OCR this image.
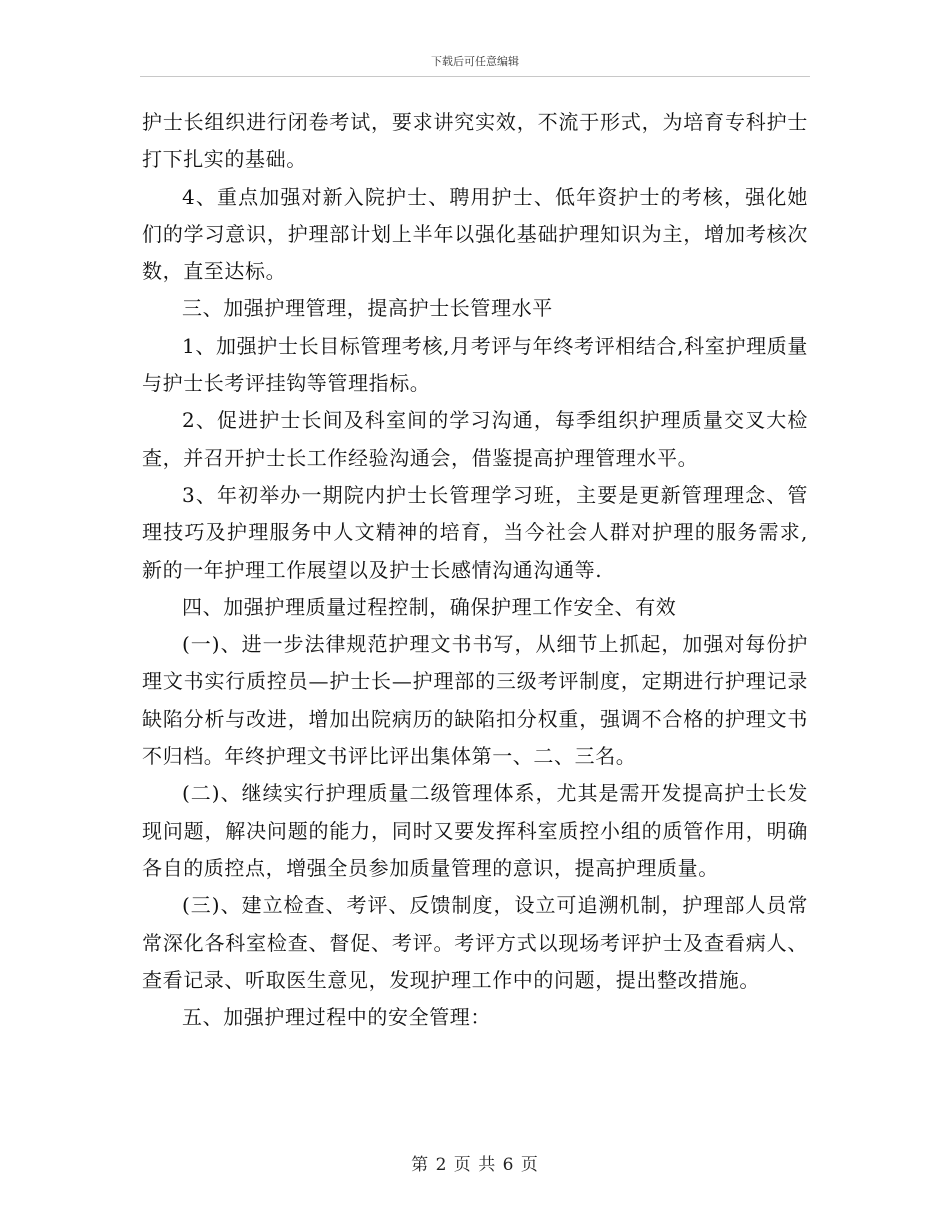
下载后可任意编辑

护士长组织进行闭卷考试，要求讲究实效，不流于形式，为培育专科护士打下扎实的基础。

4、重点加强对新入院护士、聘用护士、低年资护士的考核，强化她们的学习意识，护理部计划上半年以强化基础护理知识为主，增加考核次数，直至达标。

三、加强护理管理，提高护士长管理水平

1、加强护士长目标管理考核,月考评与年终考评相结合,科室护理质量与护士长考评挂钩等管理指标。

2、促进护士长间及科室间的学习沟通，每季组织护理质量交叉大检查，并召开护士长工作经验沟通会，借鉴提高护理管理水平。

3、年初举办一期院内护士长管理学习班，主要是更新管理理念、管理技巧及护理服务中人文精神的培育，当今社会人群对护理的服务需求,新的一年护理工作展望以及护士长感情沟通沟通等.

四、加强护理质量过程控制，确保护理工作安全、有效

(一)、进一步法律规范护理文书书写，从细节上抓起，加强对每份护理文书实行质控员—护士长—护理部的三级考评制度，定期进行护理记录缺陷分析与改进，增加出院病历的缺陷扣分权重，强调不合格的护理文书不归档。年终护理文书评比评出集体第一、二、三名。

(二)、继续实行护理质量二级管理体系，尤其是需开发提高护士长发现问题，解决问题的能力，同时又要发挥科室质控小组的质管作用，明确各自的质控点，增强全员参加质量管理的意识，提高护理质量。

(三)、建立检查、考评、反馈制度，设立可追溯机制，护理部人员常常深化各科室检查、督促、考评。考评方式以现场考评护士及查看病人、查看记录、听取医生意见，发现护理工作中的问题，提出整改措施。

五、加强护理过程中的安全管理：

第 2 页 共 6 页
